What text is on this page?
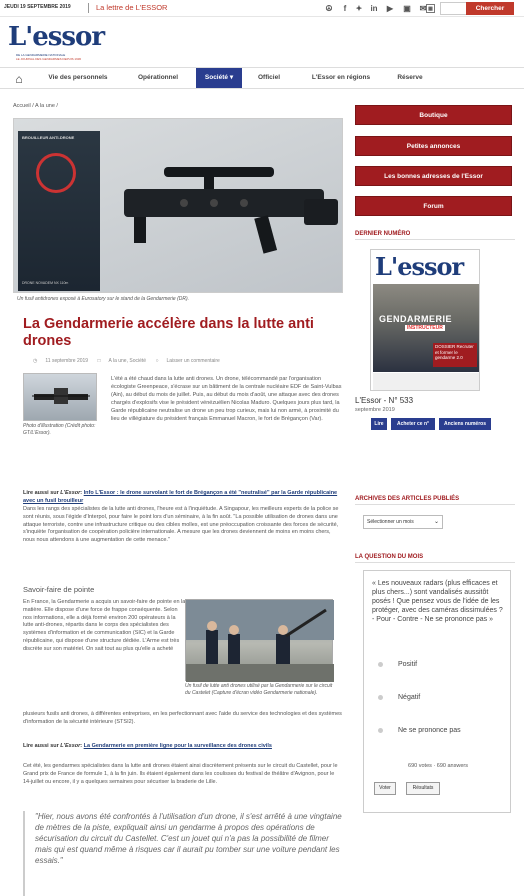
JEUDI 19 SEPTEMBRE 2019	La lettre de L'ESSOR	☮	f	✦ in ▶ ▣ ✉ ▦	Chercher
L'essor
DE LA GENDARMERIE NATIONALE
LE JOURNAL DES GENDARMES DEPUIS 1936
⌂	Vie des personnels	Opérationnel	Société ▾	Officiel	L'Essor en régions	Réserve
Accueil / A la une /
BROUILLEUR ANTI-DRONE
DRONE NOVADEM NX 110m
Un fusil antidrones exposé à Eurosatory sur le stand de la Gendarmerie (DR).
La Gendarmerie accélère dans la lutte anti drones
◷ 11 septembre 2019 □ A la une, Société ○ Laisser un commentaire
Photo d'illustration (Crédit photo: GT/L'Essor).

L'été a été chaud dans la lutte anti drones. Un drone, télécommandé par l'organisation écologiste Greenpeace, s'écrase sur un bâtiment de la centrale nucléaire EDF de Saint-Vulbas (Ain), au début du mois de juillet. Puis, au début du mois d'août, une attaque avec des drones chargés d'explosifs vise le président vénézuélien Nicolas Maduro. Quelques jours plus tard, la Garde républicaine neutralise un drone un peu trop curieux, mais lui non armé, à proximité du lieu de villégiature du président français Emmanuel Macron, le fort de Brégançon (Var).

Lire aussi sur L'Essor: Info L'Essor : le drone survolant le fort de Brégançon a été "neutralisé" par la Garde républicaine avec un fusil brouilleur

Dans les rangs des spécialistes de la lutte anti drones, l'heure est à l'inquiétude. A Singapour, les meilleurs experts de la police se sont réunis, sous l'égide d'Interpol, pour faire le point lors d'un séminaire, à la fin août. "La possible utilisation de drones dans une attaque terroriste, contre une infrastructure critique ou des cibles molles, est une préoccupation croissante des forces de sécurité, s'inquiète l'organisation de coopération policière internationale. A mesure que les drones deviennent de moins en moins chers, nous nous attendons à une augmentation de cette menace."

Savoir-faire de pointe

En France, la Gendarmerie a acquis un savoir-faire de pointe en la matière. Elle dispose d'une force de frappe conséquente. Selon nos informations, elle a déjà formé environ 200 opérateurs à la lutte anti-drones, répartis dans le corps des spécialistes des systèmes d'information et de communication (SIC) et la Garde républicaine, qui dispose d'une structure dédiée. L'Arme est très discrète sur son matériel. On sait tout au plus qu'elle a acheté

Un fusil de lutte anti drones utilisé par la Gendarmerie sur le circuit du Castelet (Capture d'écran vidéo Gendarmerie nationale).

plusieurs fusils anti drones, à différentes entreprises, en les perfectionnant avec l'aide du service des technologies et des systèmes d'information de la sécurité intérieure (STSI2).

Lire aussi sur L'Essor: La Gendarmerie en première ligne pour la surveillance des drones civils

Cet été, les gendarmes spécialistes dans la lutte anti drones étaient ainsi discrètement présents sur le circuit du Castellet, pour le Grand prix de France de formule 1, à la fin juin. Ils étaient également dans les coulisses du festival de théâtre d'Avignon, pour le 14-juillet ou encore, il y a quelques semaines pour sécuriser la braderie de Lille.

"Hier, nous avons été confrontés à l'utilisation d'un drone, il s'est arrêté à une vingtaine de mètres de la piste, expliquait ainsi un gendarme à propos des opérations de sécurisation du circuit du Castellet. C'est un jouet qui n'a pas la possibilité de filmer mais qui est quand même à risques car il aurait pu tomber sur une voiture pendant les essais."
Boutique
Petites annonces
Les bonnes adresses de l'Essor
Forum
DERNIER NUMÉRO
L'essor
GENDARMERIE
INSTRUCTEUR
DOSSIER Recruter et former le gendarme 2.0
L'Essor - N° 533
septembre 2019
Lire	Acheter ce n°	Anciens numéros
ARCHIVES DES ARTICLES PUBLIÉS
Sélectionner un mois	⌄
LA QUESTION DU MOIS
« Les nouveaux radars (plus efficaces et plus chers...) sont vandalisés aussitôt posés ! Que pensez vous de l'idée de les protéger, avec des caméras dissimulées ? - Pour - Contre - Ne se prononce pas »
Positif
Négatif
Ne se prononce pas
690 votes · 690 answers
Voter	Résultats
